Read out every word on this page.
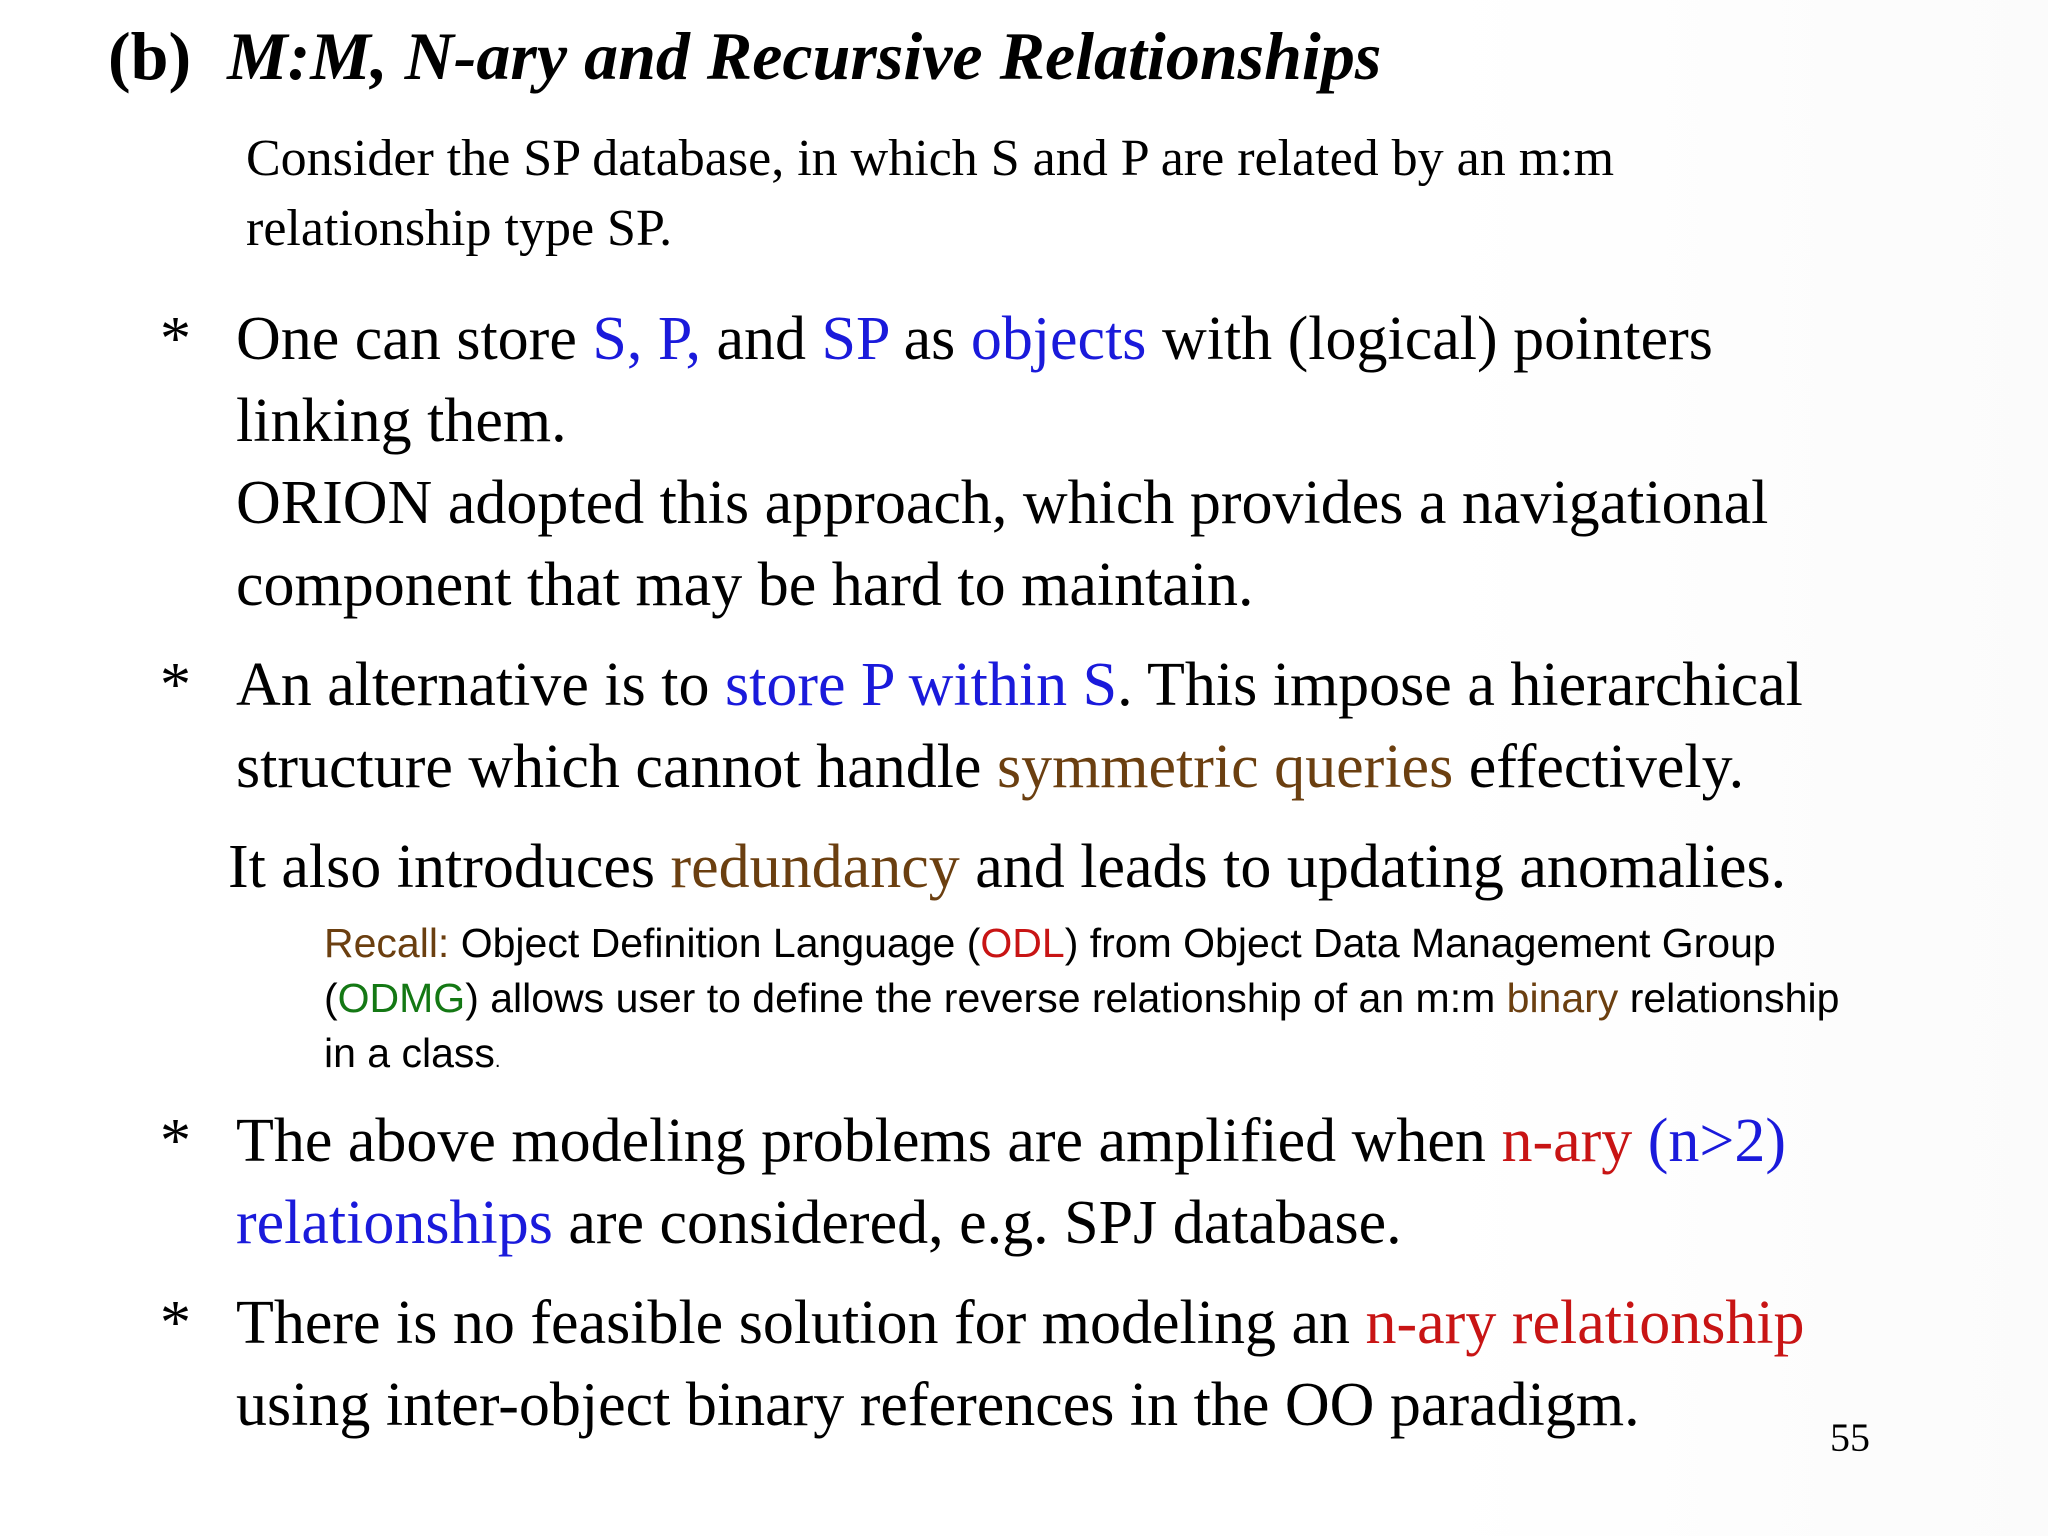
(b) M:M, N-ary and Recursive Relationships
Consider the SP database, in which S and P are related by an m:m
relationship type SP.
* One can store S, P, and SP as objects with (logical) pointers
linking them.
ORION adopted this approach, which provides a navigational
component that may be hard to maintain.
* An alternative is to store P within S. This impose a hierarchical
structure which cannot handle symmetric queries effectively.
It also introduces redundancy and leads to updating anomalies.
Recall: Object Definition Language (ODL) from Object Data Management Group
(ODMG) allows user to define the reverse relationship of an m:m binary relationship
in a class.
* The above modeling problems are amplified when n-ary (n>2)
relationships are considered, e.g. SPJ database.
* There is no feasible solution for modeling an n-ary relationship
using inter-object binary references in the OO paradigm.	55
